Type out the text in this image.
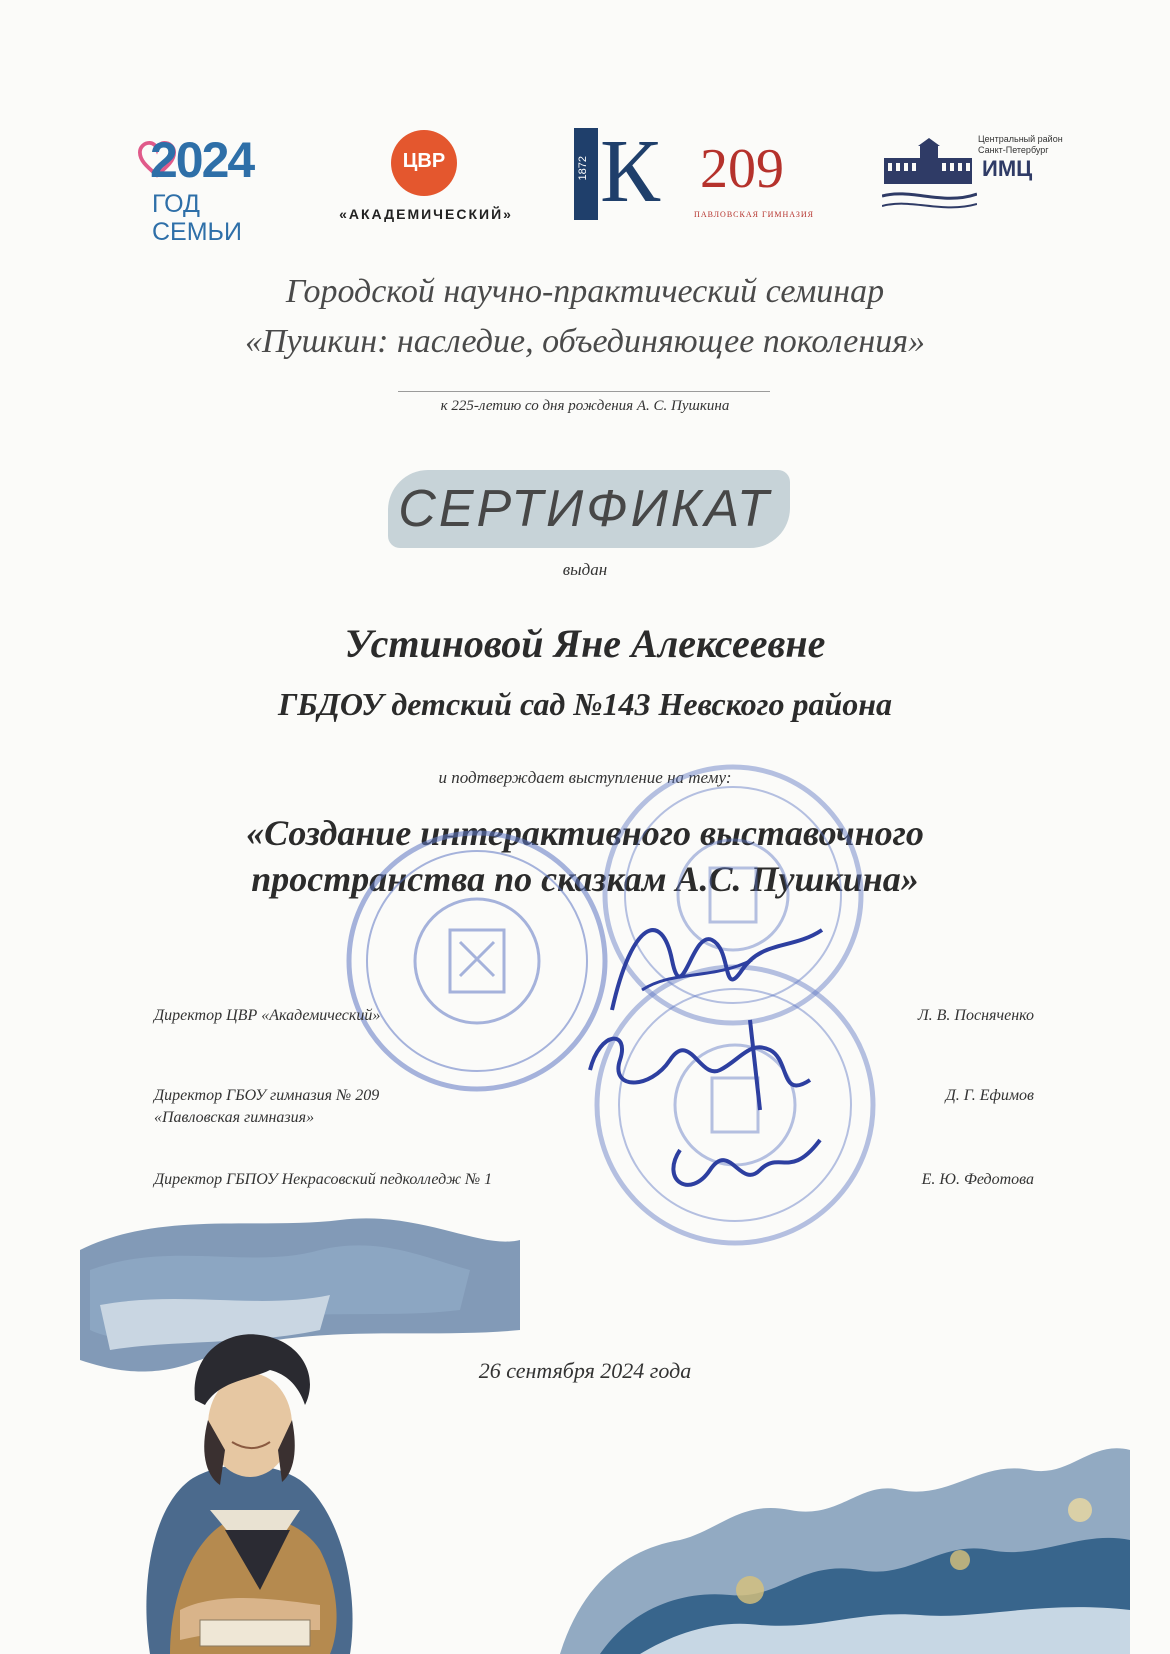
2024
ГОД СЕМЬИ
ЦВР
«АКАДЕМИЧЕСКИЙ»
1872 К 209
ПАВЛОВСКАЯ ГИМНАЗИЯ
Центральный район Санкт-Петербург
ИМЦ
Городской научно-практический семинар
«Пушкин: наследие, объединяющее поколения»
к 225-летию со дня рождения А. С. Пушкина
СЕРТИФИКАТ
выдан
Устиновой Яне Алексеевне
ГБДОУ детский сад №143 Невского района
и подтверждает выступление на тему:
«Создание интерактивного выставочного
пространства по сказкам А.С. Пушкина»
Директор ЦВР «Академический»	Л. В. Посняченко
Директор ГБОУ гимназия № 209
«Павловская гимназия»
Д. Г. Ефимов
Директор ГБПОУ Некрасовский педколледж № 1	Е. Ю. Федотова
26 сентября 2024 года
